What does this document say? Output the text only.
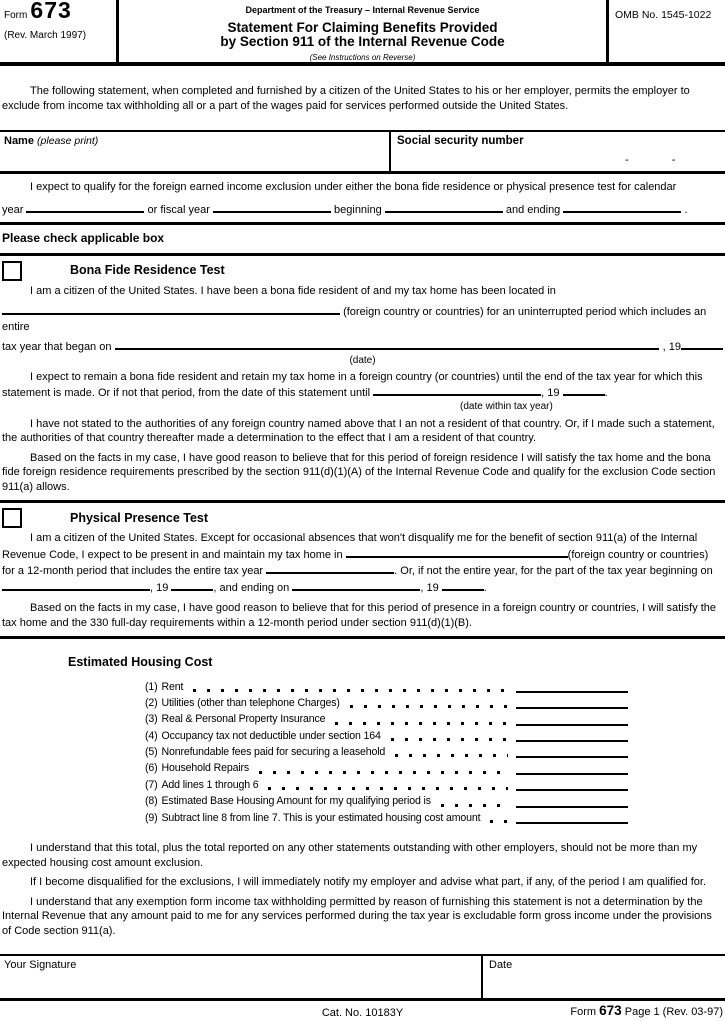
Form 673
(Rev. March 1997)
Department of the Treasury – Internal Revenue Service
Statement For Claiming Benefits Provided
by Section 911 of the Internal Revenue Code
(See Instructions on Reverse)
OMB No. 1545-1022

The following statement, when completed and furnished by a citizen of the United States to his or her employer, permits the employer to exclude from income tax withholding all or a part of the wages paid for services performed outside the United States.

Name (please print)	Social security number
-	-

I expect to qualify for the foreign earned income exclusion under either the bona fide residence or physical presence test for calendar

year	or fiscal year	beginning	and ending	.
Please check applicable box
Bona Fide Residence Test

I am a citizen of the United States. I have been a bona fide resident of and my tax home has been located in

(foreign country or countries) for an uninterrupted period which includes an entire
tax year that began on	, 19
(date)

I expect to remain a bona fide resident and retain my tax home in a foreign country (or countries) until the end of the tax year for which this statement is made. Or if not that period, from the date of this statement until	, 19	.

(date within tax year)

I have not stated to the authorities of any foreign country named above that I an not a resident of that country. Or, if I made such a statement, the authorities of that country thereafter made a determination to the effect that I am a resident of that country.

Based on the facts in my case, I have good reason to believe that for this period of foreign residence I will satisfy the tax home and the bona fide foreign residence requirements prescribed by the section 911(d)(1)(A) of the Internal Revenue Code and qualify for the exclusion Code section 911(a) allows.

Physical Presence Test

I am a citizen of the United States. Except for occasional absences that won't disqualify me for the benefit of section 911(a) of the Internal Revenue Code, I expect to be present in and maintain my tax home in	(foreign country or countries) for a 12-month period that includes the entire tax year	. Or, if not the entire year, for the part of the tax year beginning on , 19	, and ending on	, 19	.

Based on the facts in my case, I have good reason to believe that for this period of presence in a foreign country or countries, I will satisfy the tax home and the 330 full-day requirements within a 12-month period under section 911(d)(1)(B).

Estimated Housing Cost
(1) Rent
(2) Utilities (other than telephone Charges)
(3) Real & Personal Property Insurance
(4) Occupancy tax not deductible under section 164
(5) Nonrefundable fees paid for securing a leasehold
(6) Household Repairs
(7) Add lines 1 through 6
(8) Estimated Base Housing Amount for my qualifying period is
(9) Subtract line 8 from line 7. This is your estimated housing cost amount

I understand that this total, plus the total reported on any other statements outstanding with other employers, should not be more than my expected housing cost amount exclusion.

If I become disqualified for the exclusions, I will immediately notify my employer and advise what part, if any, of the period I am qualified for.

I understand that any exemption form income tax withholding permitted by reason of furnishing this statement is not a determination by the Internal Revenue that any amount paid to me for any services performed during the tax year is excludable form gross income under the provisions of Code section 911(a).

Your Signature	Date
Cat. No. 10183Y	Form 673 Page 1 (Rev. 03-97)
